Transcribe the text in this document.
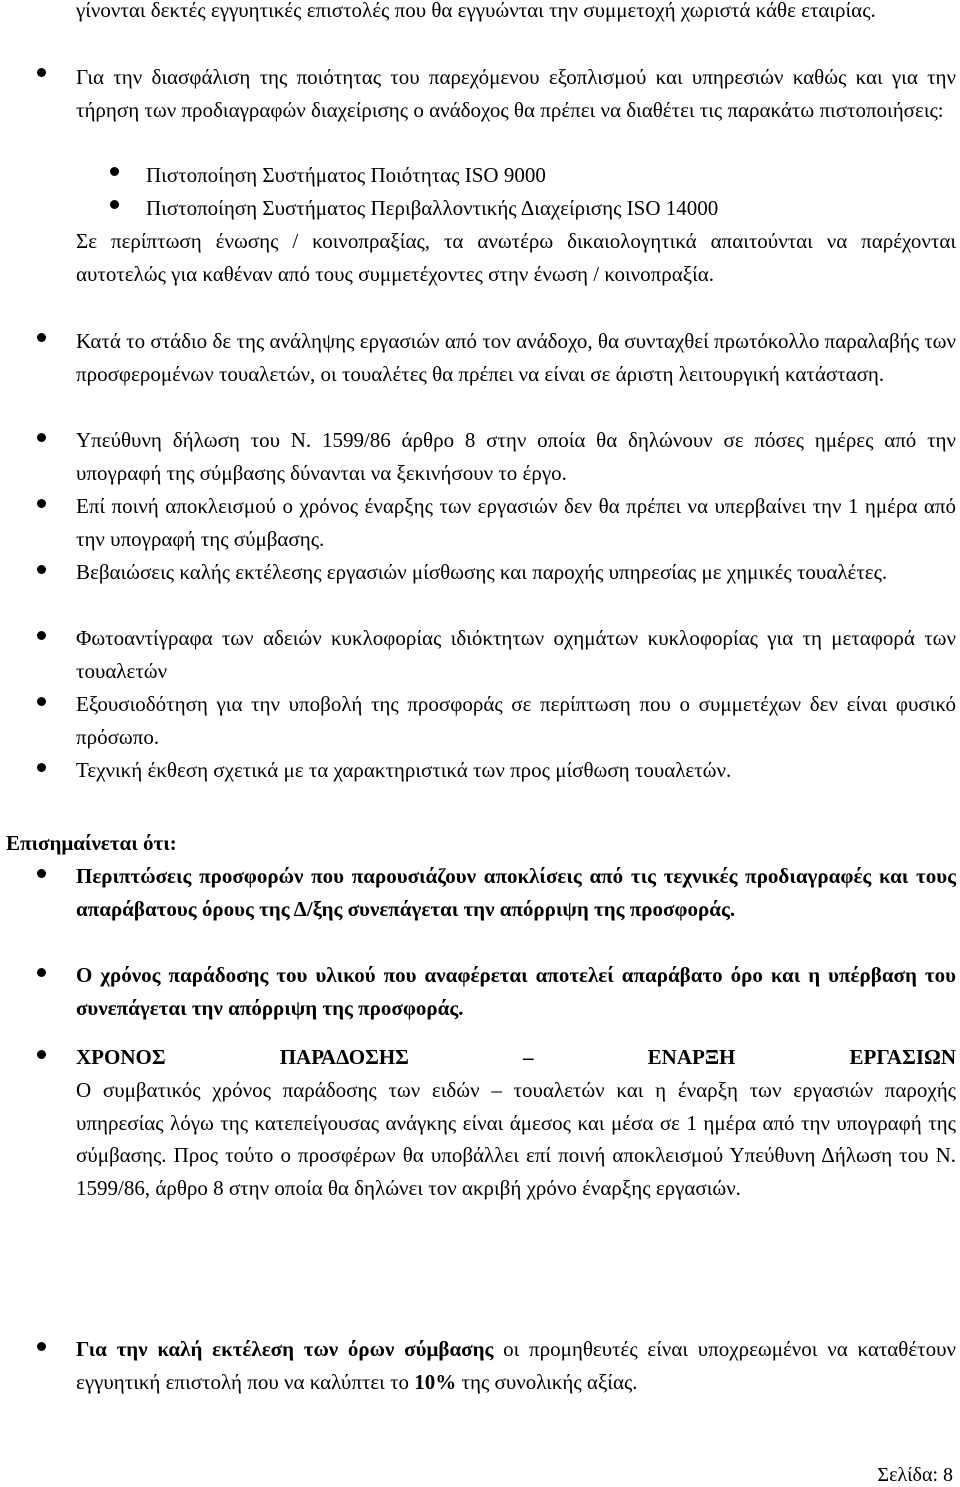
γίνονται δεκτές εγγυητικές επιστολές που θα εγγυώνται την συμμετοχή χωριστά κάθε εταιρίας.
Για την διασφάλιση της ποιότητας του παρεχόμενου εξοπλισμού και υπηρεσιών καθώς και για την τήρηση των προδιαγραφών διαχείρισης ο ανάδοχος θα πρέπει να διαθέτει τις παρακάτω πιστοποιήσεις:
Πιστοποίηση Συστήματος Ποιότητας ISO 9000
Πιστοποίηση Συστήματος Περιβαλλοντικής Διαχείρισης ISO 14000
Σε περίπτωση ένωσης / κοινοπραξίας, τα ανωτέρω δικαιολογητικά απαιτούνται να παρέχονται αυτοτελώς για καθέναν από τους συμμετέχοντες στην ένωση / κοινοπραξία.
Κατά το στάδιο δε της ανάληψης εργασιών από τον ανάδοχο, θα συνταχθεί πρωτόκολλο παραλαβής των προσφερομένων τουαλετών, οι τουαλέτες θα πρέπει να είναι σε άριστη λειτουργική κατάσταση.
Υπεύθυνη δήλωση του Ν. 1599/86 άρθρο 8 στην οποία θα δηλώνουν σε πόσες ημέρες από την υπογραφή της σύμβασης δύνανται να ξεκινήσουν το έργο.
Επί ποινή αποκλεισμού ο χρόνος έναρξης των εργασιών δεν θα πρέπει να υπερβαίνει την 1 ημέρα από την υπογραφή της σύμβασης.
Βεβαιώσεις καλής εκτέλεσης εργασιών μίσθωσης και παροχής υπηρεσίας με χημικές τουαλέτες.
Φωτοαντίγραφα των αδειών κυκλοφορίας ιδιόκτητων οχημάτων κυκλοφορίας για τη μεταφορά των τουαλετών
Εξουσιοδότηση για την υποβολή της προσφοράς σε περίπτωση που ο συμμετέχων δεν είναι φυσικό πρόσωπο.
Τεχνική έκθεση σχετικά με τα χαρακτηριστικά των προς μίσθωση τουαλετών.
Επισημαίνεται ότι:
Περιπτώσεις προσφορών που παρουσιάζουν αποκλίσεις από τις τεχνικές προδιαγραφές και τους απαράβατους όρους της Δ/ξης συνεπάγεται την απόρριψη της προσφοράς.
Ο χρόνος παράδοσης του υλικού που αναφέρεται αποτελεί απαράβατο όρο και η υπέρβαση του συνεπάγεται την απόρριψη της προσφοράς.
ΧΡΟΝΟΣ ΠΑΡΑΔΟΣΗΣ – ΕΝΑΡΞΗ ΕΡΓΑΣΙΩΝ
Ο συμβατικός χρόνος παράδοσης των ειδών – τουαλετών και η έναρξη των εργασιών παροχής υπηρεσίας λόγω της κατεπείγουσας ανάγκης είναι άμεσος και μέσα σε 1 ημέρα από την υπογραφή της σύμβασης. Προς τούτο ο προσφέρων θα υποβάλλει επί ποινή αποκλεισμού Υπεύθυνη Δήλωση του Ν. 1599/86, άρθρο 8 στην οποία θα δηλώνει τον ακριβή χρόνο έναρξης εργασιών.
Για την καλή εκτέλεση των όρων σύμβασης οι προμηθευτές είναι υποχρεωμένοι να καταθέτουν εγγυητική επιστολή που να καλύπτει το 10% της συνολικής αξίας.
Σελίδα: 8
